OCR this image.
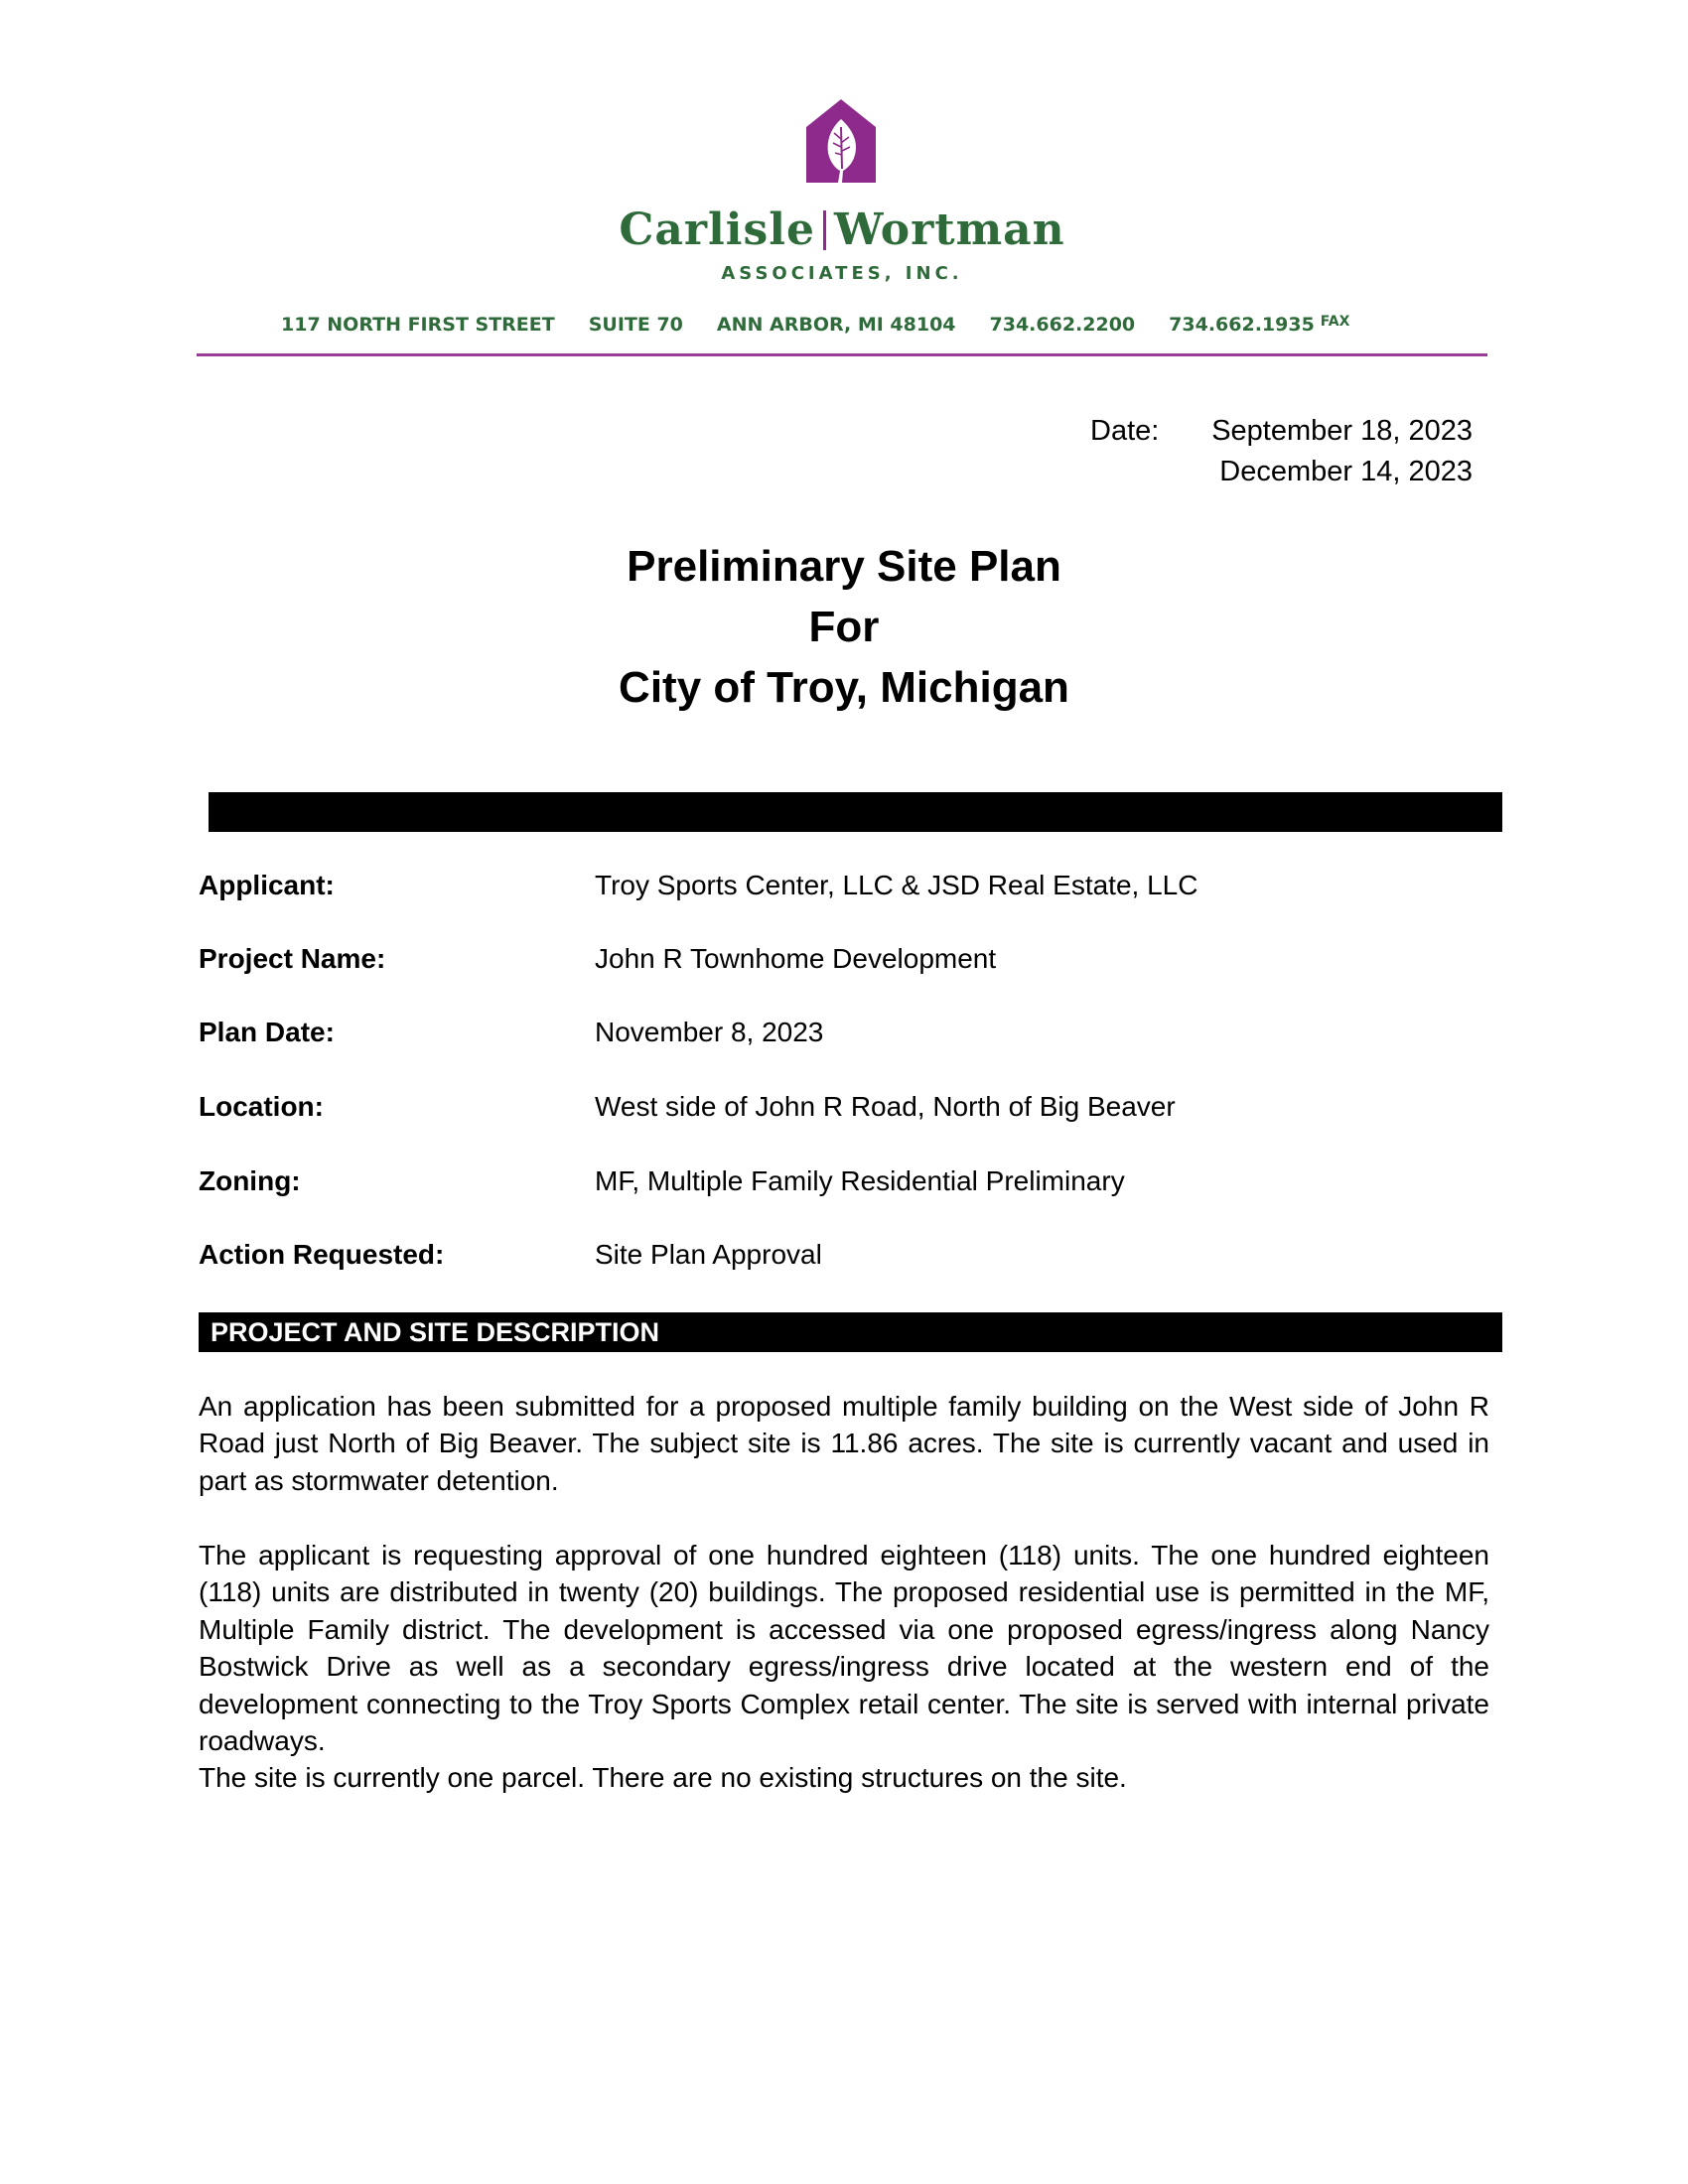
Carlisle Wortman
ASSOCIATES, INC.
117 NORTH FIRST STREET SUITE 70 ANN ARBOR, MI 48104 734.662.2200 734.662.1935 FAX
Date: September 18, 2023
December 14, 2023
Preliminary Site Plan
For
City of Troy, Michigan
Applicant:	Troy Sports Center, LLC & JSD Real Estate, LLC
Project Name:	John R Townhome Development
Plan Date:	November 8, 2023
Location:	West side of John R Road, North of Big Beaver
Zoning:	MF, Multiple Family Residential Preliminary
Action Requested:	Site Plan Approval
PROJECT AND SITE DESCRIPTION
An application has been submitted for a proposed multiple family building on the West side of John R Road just North of Big Beaver. The subject site is 11.86 acres. The site is currently vacant and used in part as stormwater detention.
The applicant is requesting approval of one hundred eighteen (118) units. The one hundred eighteen (118) units are distributed in twenty (20) buildings. The proposed residential use is permitted in the MF, Multiple Family district. The development is accessed via one proposed egress/ingress along Nancy Bostwick Drive as well as a secondary egress/ingress drive located at the western end of the development connecting to the Troy Sports Complex retail center. The site is served with internal private roadways.
The site is currently one parcel. There are no existing structures on the site.
